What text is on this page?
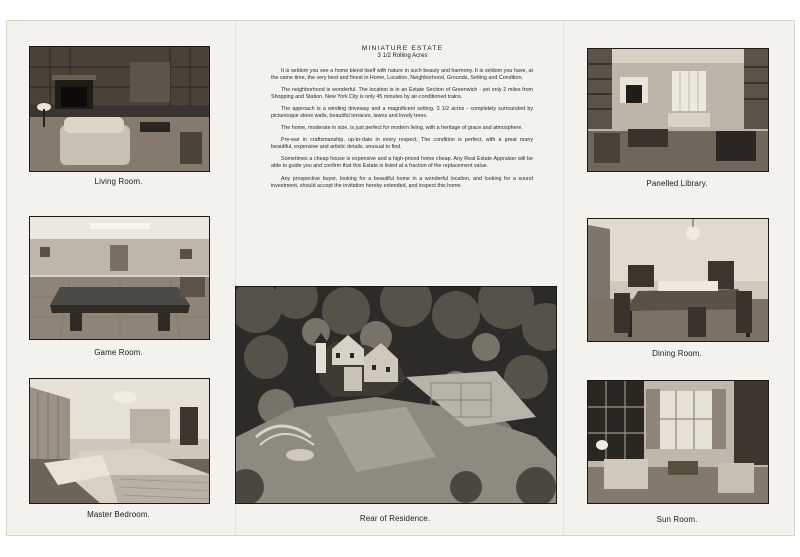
Living Room.
Game Room.
Master Bedroom.	Rear of Residence.
Panelled Library.
Dining Room.
Sun Room.
MINIATURE ESTATE
3 1/2 Rolling Acres

It is seldom you see a home blend itself with nature in such beauty and harmony. It is seldom you have, at the same time, the very best and finest in Home, Location, Neighborhood, Grounds, Setting and Condition.

The neighborhood is wonderful. The location is in an Estate Section of Greenwich - yet only 2 miles from Shopping and Station. New York City is only 45 minutes by air-conditioned trains.

The approach is a winding driveway and a magnificent setting. 3 1/2 acres - completely surrounded by picturesque stone walls, beautiful terraces, lawns and lovely trees.

The home, moderate in size, is just perfect for modern living, with a heritage of grace and atmosphere.

Pre-war in craftsmanship, up-to-date in every respect. The condition is perfect, with a great many beautiful, expensive and artistic details, unusual to find.

Sometimes a cheap house is expensive and a high-priced home cheap. Any Real Estate Appraiser will be able to guide you and confirm that this Estate is listed at a fraction of the replacement value.

Any prospective buyer, looking for a beautiful home in a wonderful location, and looking for a sound investment, should accept the invitation hereby extended, and inspect this home.
